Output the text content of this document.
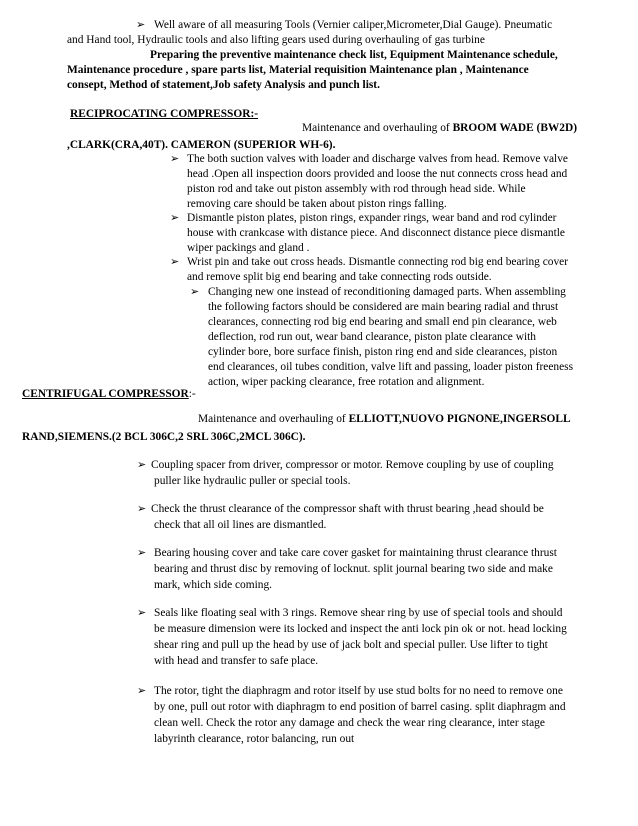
➢ Well aware of all measuring Tools (Vernier caliper,Micrometer,Dial Gauge). Pneumatic
and Hand tool, Hydraulic tools and also lifting gears used during overhauling of gas turbine
Preparing the preventive maintenance check list, Equipment Maintenance schedule,
Maintenance procedure , spare parts list, Material requisition Maintenance plan , Maintenance
consept, Method of statement,Job safety Analysis and punch list.
RECIPROCATING COMPRESSOR:-
Maintenance and overhauling of BROOM WADE (BW2D)
,CLARK(CRA,40T). CAMERON (SUPERIOR WH-6).
➢ The both suction valves with loader and discharge valves from head. Remove valve
head .Open all inspection doors provided and loose the nut connects cross head and
piston rod and take out piston assembly with rod through head side. While
removing care should be taken about piston rings falling.
➢ Dismantle piston plates, piston rings, expander rings, wear band and rod cylinder
house with crankcase with distance piece. And disconnect distance piece dismantle
wiper packings and gland .
➢ Wrist pin and take out cross heads. Dismantle connecting rod big end bearing cover
and remove split big end bearing and take connecting rods outside.
➢ Changing new one instead of reconditioning damaged parts. When assembling
the following factors should be considered are main bearing radial and thrust
clearances, connecting rod big end bearing and small end pin clearance, web
deflection, rod run out, wear band clearance, piston plate clearance with
cylinder bore, bore surface finish, piston ring end and side clearances, piston
end clearances, oil tubes condition, valve lift and passing, loader piston freeness
action, wiper packing clearance, free rotation and alignment.
CENTRIFUGAL COMPRESSOR:-
Maintenance and overhauling of ELLIOTT,NUOVO PIGNONE,INGERSOLL
RAND,SIEMENS.(2 BCL 306C,2 SRL 306C,2MCL 306C).
➢ Coupling spacer from driver, compressor or motor. Remove coupling by use of coupling
puller like hydraulic puller or special tools.
➢ Check the thrust clearance of the compressor shaft with thrust bearing ,head should be
check that all oil lines are dismantled.
➢ Bearing housing cover and take care cover gasket for maintaining thrust clearance thrust
bearing and thrust disc by removing of locknut. split journal bearing two side and make
mark, which side coming.
➢ Seals like floating seal with 3 rings. Remove shear ring by use of special tools and should
be measure dimension were its locked and inspect the anti lock pin ok or not. head locking
shear ring and pull up the head by use of jack bolt and special puller. Use lifter to tight
with head and transfer to safe place.
➢ The rotor, tight the diaphragm and rotor itself by use stud bolts for no need to remove one
by one, pull out rotor with diaphragm to end position of barrel casing. split diaphragm and
clean well. Check the rotor any damage and check the wear ring clearance, inter stage
labyrinth clearance, rotor balancing, run out
